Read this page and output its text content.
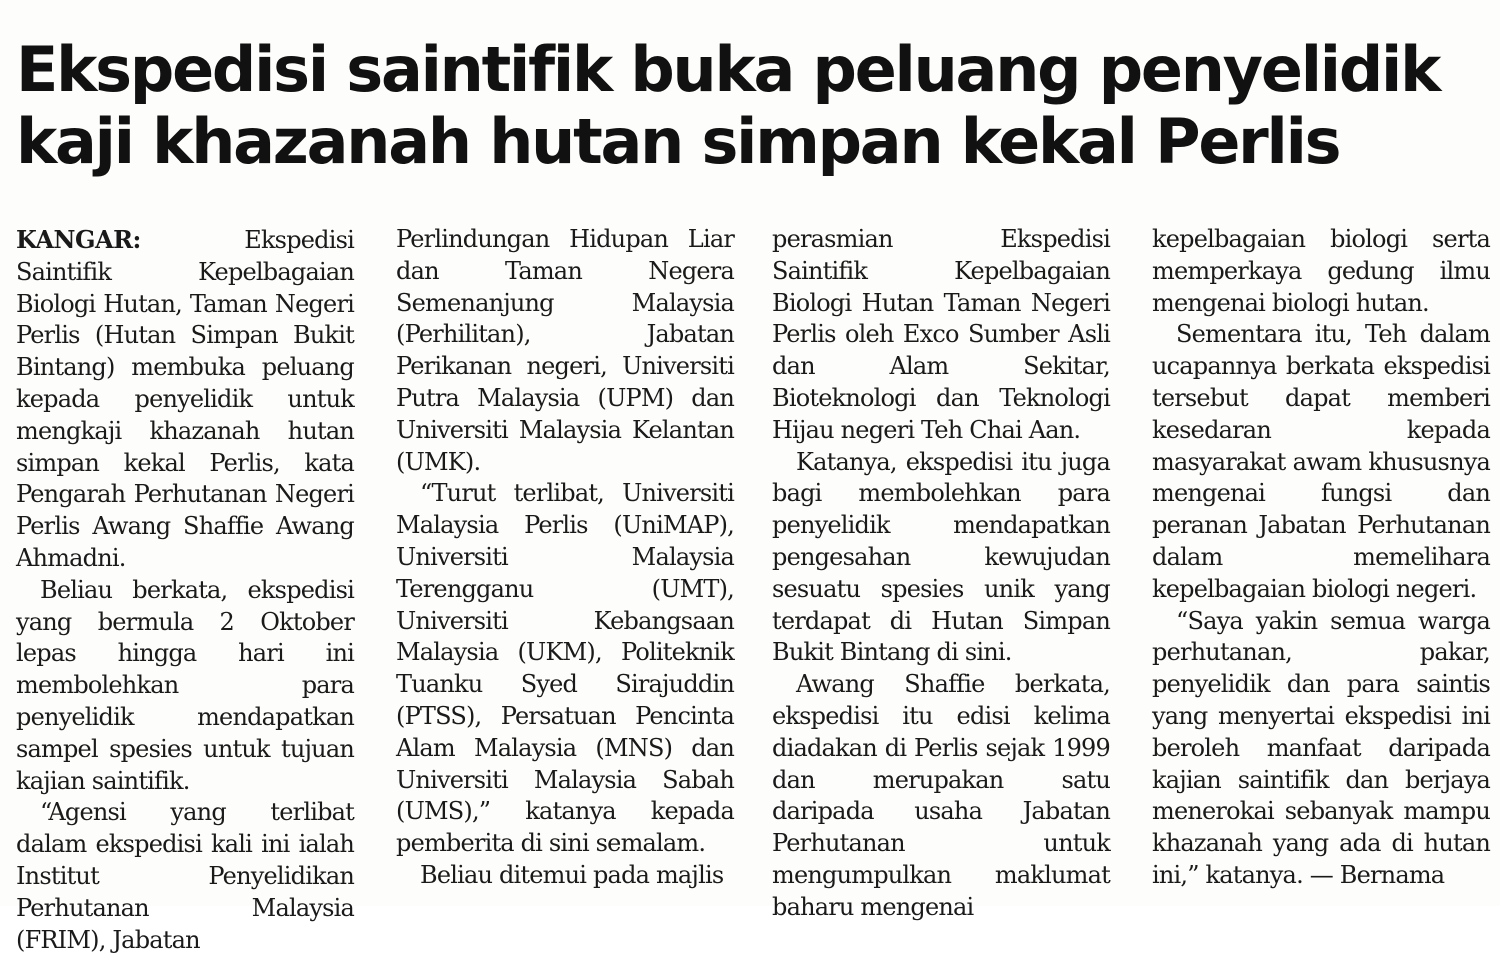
Ekspedisi saintifik buka peluang penyelidik
kaji khazanah hutan simpan kekal Perlis

KANGAR: Ekspedisi Saintifik Kepelbagaian Biologi Hutan, Taman Negeri Perlis (Hutan Simpan Bukit Bintang) membuka peluang kepada penyelidik untuk mengkaji khazanah hutan simpan kekal Perlis, kata Pengarah Perhutanan Negeri Perlis Awang Shaffie Awang Ahmadni.

Beliau berkata, ekspedisi yang bermula 2 Oktober lepas hingga hari ini membolehkan para penyelidik mendapatkan sampel spesies untuk tujuan kajian saintifik.

“Agensi yang terlibat dalam ekspedisi kali ini ialah Institut Penyelidikan Perhutanan Malaysia (FRIM), Jabatan

Perlindungan Hidupan Liar dan Taman Negera Semenanjung Malaysia (Perhilitan), Jabatan Perikanan negeri, Universiti Putra Malaysia (UPM) dan Universiti Malaysia Kelantan (UMK).

“Turut terlibat, Universiti Malaysia Perlis (UniMAP), Universiti Malaysia Terengganu (UMT), Universiti Kebangsaan Malaysia (UKM), Politeknik Tuanku Syed Sirajuddin (PTSS), Persatuan Pencinta Alam Malaysia (MNS) dan Universiti Malaysia Sabah (UMS),” katanya kepada pemberita di sini semalam.

Beliau ditemui pada majlis

perasmian Ekspedisi Saintifik Kepelbagaian Biologi Hutan Taman Negeri Perlis oleh Exco Sumber Asli dan Alam Sekitar, Bioteknologi dan Teknologi Hijau negeri Teh Chai Aan.

Katanya, ekspedisi itu juga bagi membolehkan para penyelidik mendapatkan pengesahan kewujudan sesuatu spesies unik yang terdapat di Hutan Simpan Bukit Bintang di sini.

Awang Shaffie berkata, ekspedisi itu edisi kelima diadakan di Perlis sejak 1999 dan merupakan satu daripada usaha Jabatan Perhutanan untuk mengumpulkan maklumat baharu mengenai

kepelbagaian biologi serta memperkaya gedung ilmu mengenai biologi hutan.

Sementara itu, Teh dalam ucapannya berkata ekspedisi tersebut dapat memberi kesedaran kepada masyarakat awam khususnya mengenai fungsi dan peranan Jabatan Perhutanan dalam memelihara kepelbagaian biologi negeri.

“Saya yakin semua warga perhutanan, pakar, penyelidik dan para saintis yang menyertai ekspedisi ini beroleh manfaat daripada kajian saintifik dan berjaya menerokai sebanyak mampu khazanah yang ada di hutan ini,” katanya. — Bernama
